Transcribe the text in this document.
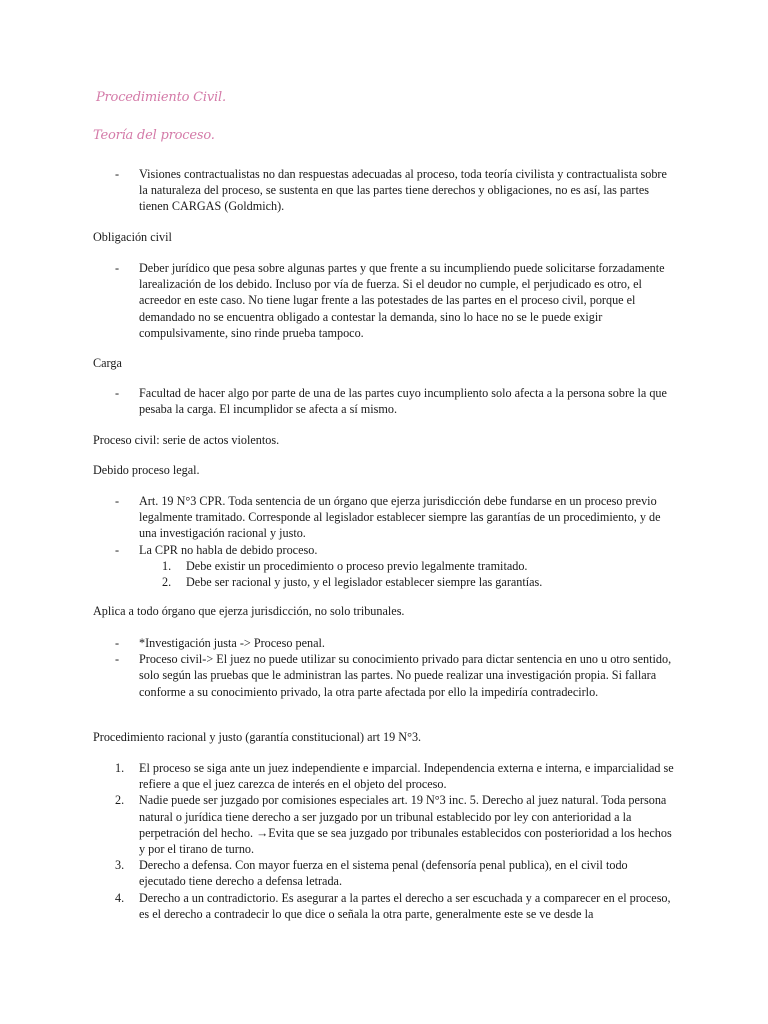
Procedimiento Civil.
Teoría del proceso.
- Visiones contractualistas no dan respuestas adecuadas al proceso, toda teoría civilista y contractualista sobre la naturaleza del proceso, se sustenta en que las partes tiene derechos y obligaciones, no es así, las partes tienen CARGAS (Goldmich).
Obligación civil
- Deber jurídico que pesa sobre algunas partes y que frente a su incumpliendo puede solicitarse forzadamente larealización de los debido. Incluso por vía de fuerza. Si el deudor no cumple, el perjudicado es otro, el acreedor en este caso. No tiene lugar frente a las potestades de las partes en el proceso civil, porque el demandado no se encuentra obligado a contestar la demanda, sino lo hace no se le puede exigir compulsivamente, sino rinde prueba tampoco.
Carga
- Facultad de hacer algo por parte de una de las partes cuyo incumpliento solo afecta a la persona sobre la que pesaba la carga. El incumplidor se afecta a sí mismo.
Proceso civil: serie de actos violentos.
Debido proceso legal.
- Art. 19 N°3 CPR. Toda sentencia de un órgano que ejerza jurisdicción debe fundarse en un proceso previo legalmente tramitado. Corresponde al legislador establecer siempre las garantías de un procedimiento, y de una investigación racional y justo.
- La CPR no habla de debido proceso.
1. Debe existir un procedimiento o proceso previo legalmente tramitado.
2. Debe ser racional y justo, y el legislador establecer siempre las garantías.
Aplica a todo órgano que ejerza jurisdicción, no solo tribunales.
- *Investigación justa -> Proceso penal.
- Proceso civil-> El juez no puede utilizar su conocimiento privado para dictar sentencia en uno u otro sentido, solo según las pruebas que le administran las partes. No puede realizar una investigación propia. Si fallara conforme a su conocimiento privado, la otra parte afectada por ello la impediría contradecirlo.
Procedimiento racional y justo (garantía constitucional) art 19 N°3.
1. El proceso se siga ante un juez independiente e imparcial. Independencia externa e interna, e imparcialidad se refiere a que el juez carezca de interés en el objeto del proceso.
2. Nadie puede ser juzgado por comisiones especiales art. 19 N°3 inc. 5. Derecho al juez natural. Toda persona natural o jurídica tiene derecho a ser juzgado por un tribunal establecido por ley con anterioridad a la perpetración del hecho. →Evita que se sea juzgado por tribunales establecidos con posterioridad a los hechos y por el tirano de turno.
3. Derecho a defensa. Con mayor fuerza en el sistema penal (defensoría penal publica), en el civil todo ejecutado tiene derecho a defensa letrada.
4. Derecho a un contradictorio. Es asegurar a la partes el derecho a ser escuchada y a comparecer en el proceso, es el derecho a contradecir lo que dice o señala la otra parte, generalmente este se ve desde la
